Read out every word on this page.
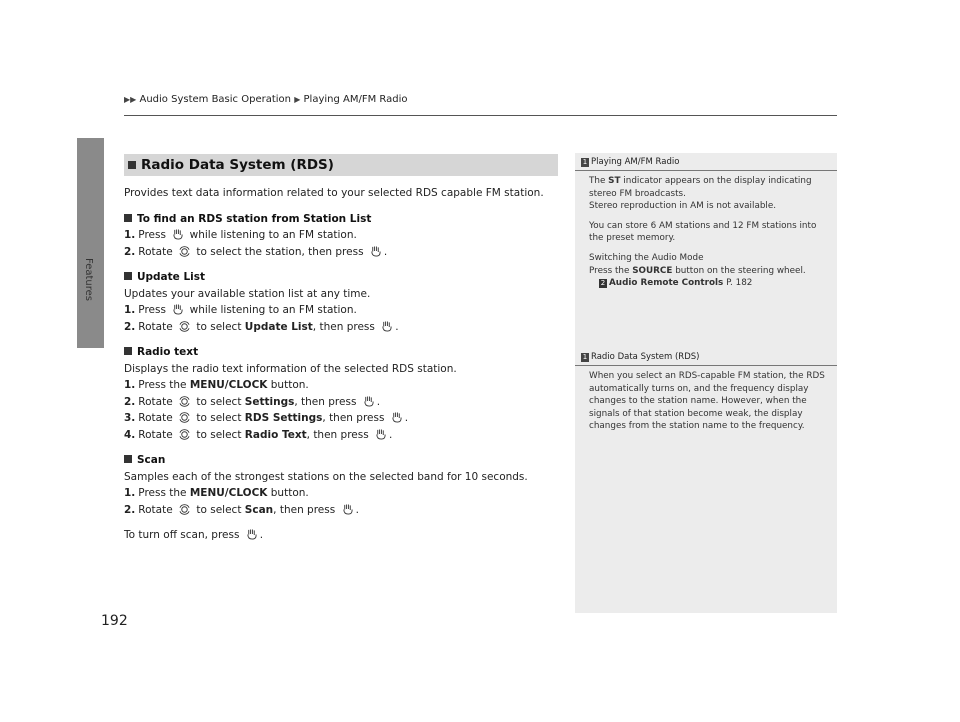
Features
▶▶ Audio System Basic Operation ▶ Playing AM/FM Radio
Radio Data System (RDS)
Provides text data information related to your selected RDS capable FM station.
To find an RDS station from Station List
1. Press while listening to an FM station.
2. Rotate to select the station, then press .
Update List
Updates your available station list at any time.
1. Press while listening to an FM station.
2. Rotate to select Update List, then press .
Radio text
Displays the radio text information of the selected RDS station.
1. Press the MENU/CLOCK button.
2. Rotate to select Settings, then press .
3. Rotate to select RDS Settings, then press .
4. Rotate to select Radio Text, then press .
Scan
Samples each of the strongest stations on the selected band for 10 seconds.
1. Press the MENU/CLOCK button.
2. Rotate to select Scan, then press .
To turn off scan, press .
1 Playing AM/FM Radio
The ST indicator appears on the display indicating
stereo FM broadcasts.
Stereo reproduction in AM is not available.
You can store 6 AM stations and 12 FM stations into
the preset memory.
Switching the Audio Mode
Press the SOURCE button on the steering wheel.
2 Audio Remote Controls P. 182
1 Radio Data System (RDS)
When you select an RDS-capable FM station, the RDS
automatically turns on, and the frequency display
changes to the station name. However, when the
signals of that station become weak, the display
changes from the station name to the frequency.
192
